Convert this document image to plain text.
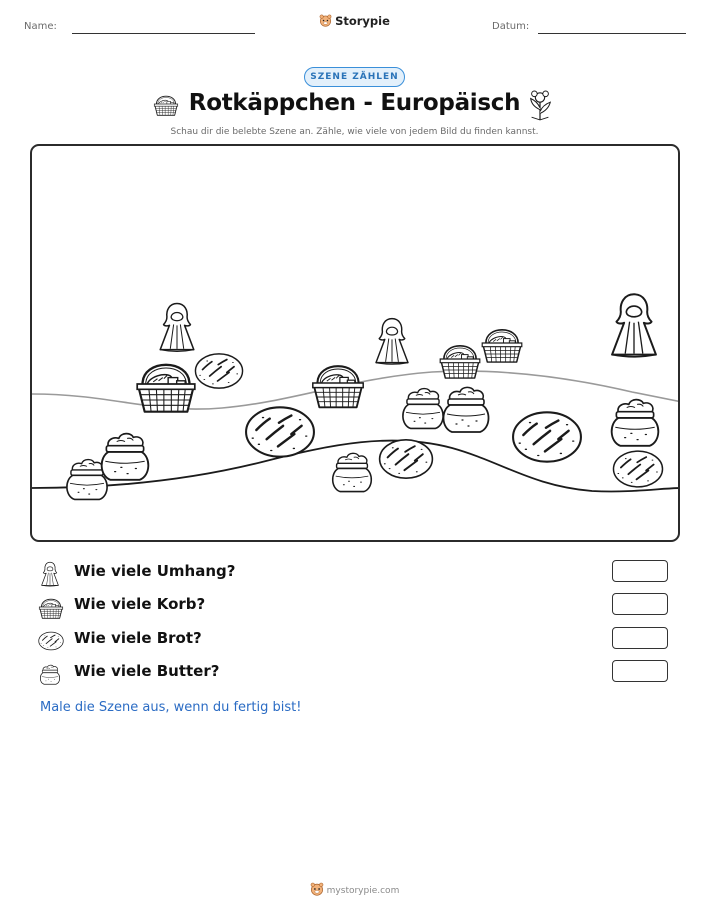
Name:	Storypie	Datum:
SZENE ZÄHLEN
Rotkäppchen - Europäisch
Schau dir die belebte Szene an. Zähle, wie viele von jedem Bild du finden kannst.
Wie viele Umhang?
Wie viele Korb?
Wie viele Brot?
Wie viele Butter?
Male die Szene aus, wenn du fertig bist!
mystorypie.com
